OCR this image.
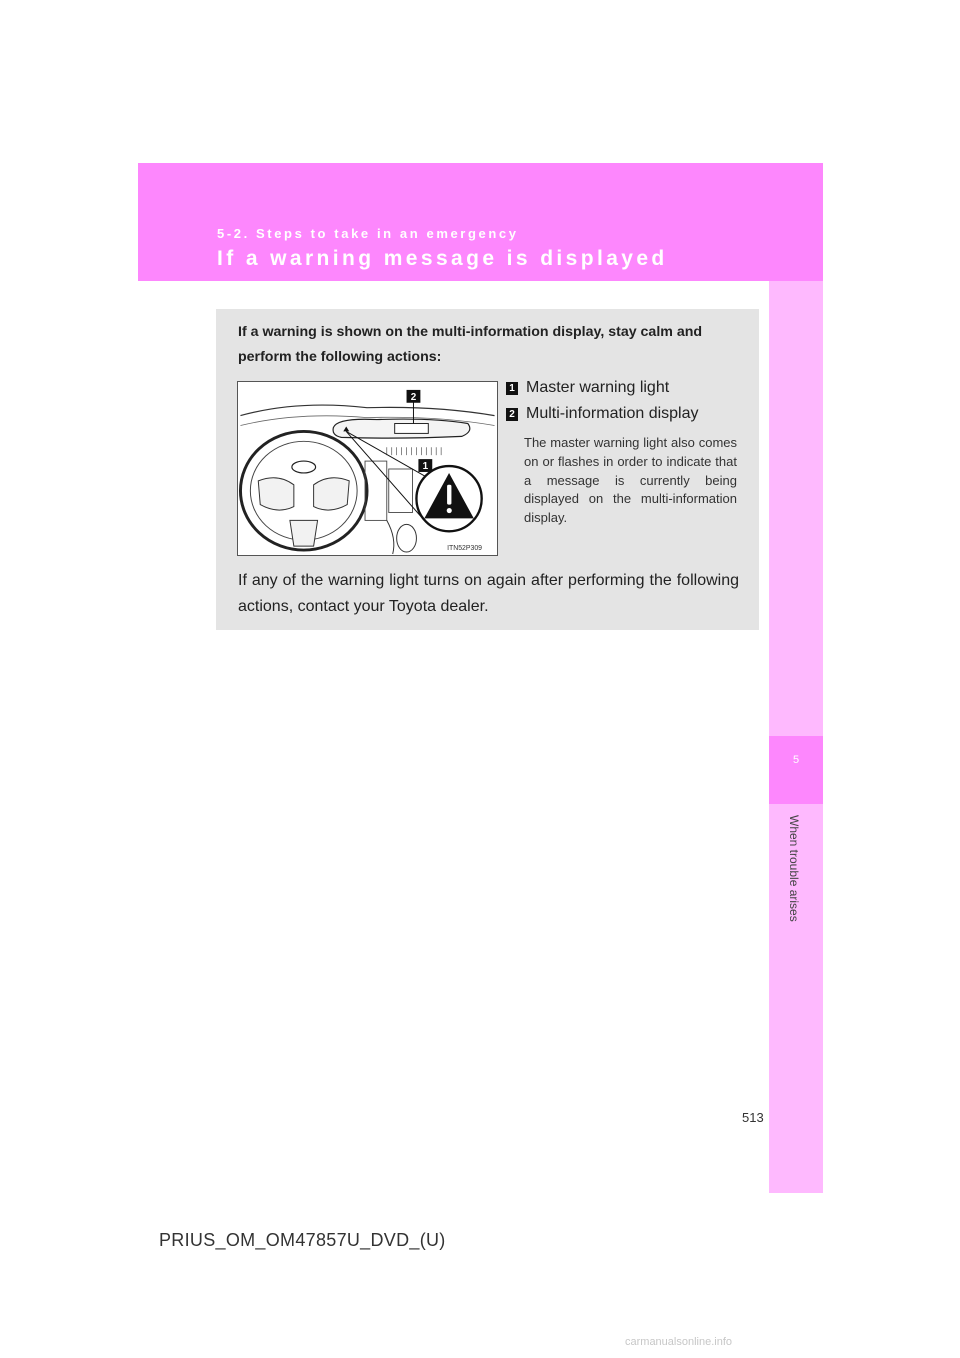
5-2. Steps to take in an emergency
If a warning message is displayed
5
When trouble arises
If a warning is shown on the multi-information display, stay calm and perform the following actions:
2
1
ITN52P309
1 Master warning light
2 Multi-information display
The master warning light also comes on or flashes in order to indicate that a message is currently being displayed on the multi-information display.
If any of the warning light turns on again after performing the following actions, contact your Toyota dealer.
513
PRIUS_OM_OM47857U_DVD_(U)
carmanualsonline.info
